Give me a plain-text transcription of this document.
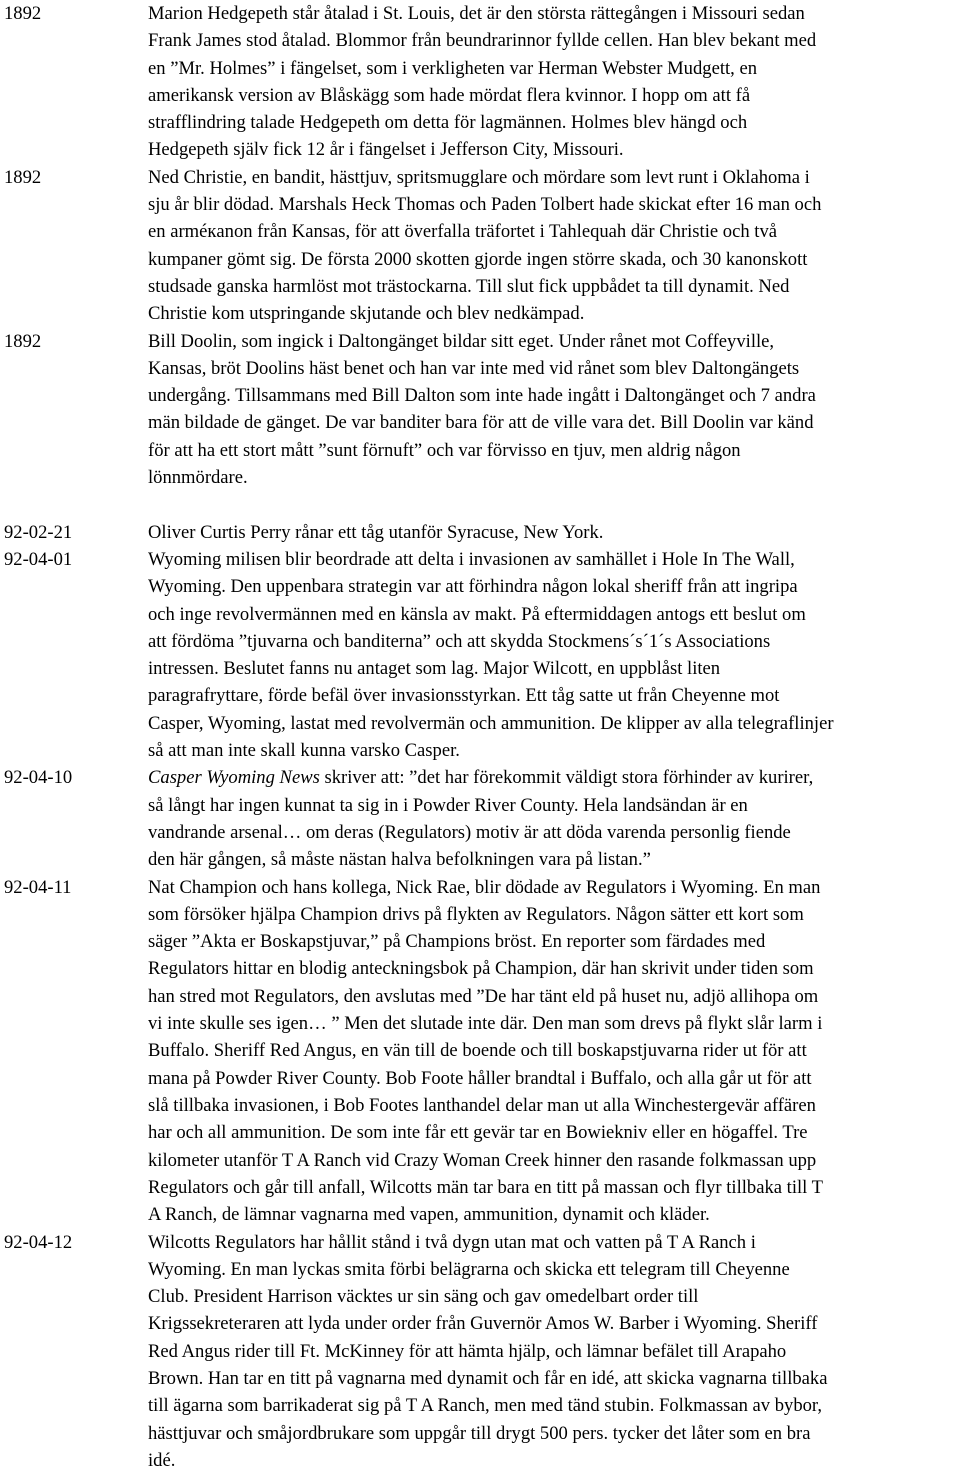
1892	Marion Hedgepeth står åtalad i St. Louis, det är den största rättegången i Missouri sedan
Frank James stod åtalad. Blommor från beundrarinnor fyllde cellen. Han blev bekant med
en ”Mr. Holmes” i fängelset, som i verkligheten var Herman Webster Mudgett, en
amerikansk version av Blåskägg som hade mördat flera kvinnor. I hopp om att få
strafflindring talade Hedgepeth om detta för lagmännen. Holmes blev hängd och
Hedgepeth själv fick 12 år i fängelset i Jefferson City, Missouri.
1892	Ned Christie, en bandit, hästtjuv, spritsmugglare och mördare som levt runt i Oklahoma i
sju år blir dödad. Marshals Heck Thomas och Paden Tolbert hade skickat efter 16 man och
en arméкanon från Kansas, för att överfalla träfortet i Tahlequah där Christie och två
kumpaner gömt sig. De första 2000 skotten gjorde ingen större skada, och 30 kanonskott
studsade ganska harmlöst mot trästockarna. Till slut fick uppbådet ta till dynamit. Ned
Christie kom utspringande skjutande och blev nedkämpad.
1892	Bill Doolin, som ingick i Daltongänget bildar sitt eget. Under rånet mot Coffeyville,
Kansas, bröt Doolins häst benet och han var inte med vid rånet som blev Daltongängets
undergång. Tillsammans med Bill Dalton som inte hade ingått i Daltongänget och 7 andra
män bildade de gänget. De var banditer bara för att de ville vara det. Bill Doolin var känd
för att ha ett stort mått ”sunt förnuft” och var förvisso en tjuv, men aldrig någon
lönnmördare.
92-02-21	Oliver Curtis Perry rånar ett tåg utanför Syracuse, New York.
92-04-01	Wyoming milisen blir beordrade att delta i invasionen av samhället i Hole In The Wall,
Wyoming. Den uppenbara strategin var att förhindra någon lokal sheriff från att ingripa
och inge revolvermännen med en känsla av makt. På eftermiddagen antogs ett beslut om
att fördöma ”tjuvarna och banditerna” och att skydda Stockmens´s´1´s Associations
intressen. Beslutet fanns nu antaget som lag. Major Wilcott, en uppblåst liten
paragrafryttare, förde befäl över invasionsstyrkan. Ett tåg satte ut från Cheyenne mot
Casper, Wyoming, lastat med revolvermän och ammunition. De klipper av alla telegraflinjer
så att man inte skall kunna varsko Casper.
92-04-10	Casper Wyoming News skriver att: ”det har förekommit väldigt stora förhinder av kurirer,
så långt har ingen kunnat ta sig in i Powder River County. Hela landsändan är en
vandrande arsenal… om deras (Regulators) motiv är att döda varenda personlig fiende
den här gången, så måste nästan halva befolkningen vara på listan.”
92-04-11	Nat Champion och hans kollega, Nick Rae, blir dödade av Regulators i Wyoming. En man
som försöker hjälpa Champion drivs på flykten av Regulators. Någon sätter ett kort som
säger ”Akta er Boskapstjuvar,” på Champions bröst. En reporter som färdades med
Regulators hittar en blodig anteckningsbok på Champion, där han skrivit under tiden som
han stred mot Regulators, den avslutas med ”De har tänt eld på huset nu, adjö allihopa om
vi inte skulle ses igen… ” Men det slutade inte där. Den man som drevs på flykt slår larm i
Buffalo. Sheriff Red Angus, en vän till de boende och till boskapstjuvarna rider ut för att
mana på Powder River County. Bob Foote håller brandtal i Buffalo, och alla går ut för att
slå tillbaka invasionen, i Bob Footes lanthandel delar man ut alla Winchestergevär affären
har och all ammunition. De som inte får ett gevär tar en Bowiekniv eller en högaffel. Tre
kilometer utanför T A Ranch vid Crazy Woman Creek hinner den rasande folkmassan upp
Regulators och går till anfall, Wilcotts män tar bara en titt på massan och flyr tillbaka till T
A Ranch, de lämnar vagnarna med vapen, ammunition, dynamit och kläder.
92-04-12	Wilcotts Regulators har hållit stånd i två dygn utan mat och vatten på T A Ranch i
Wyoming. En man lyckas smita förbi belägrarna och skicka ett telegram till Cheyenne
Club. President Harrison väcktes ur sin säng och gav omedelbart order till
Krigssekreteraren att lyda under order från Guvernör Amos W. Barber i Wyoming. Sheriff
Red Angus rider till Ft. McKinney för att hämta hjälp, och lämnar befälet till Arapaho
Brown. Han tar en titt på vagnarna med dynamit och får en idé, att skicka vagnarna tillbaka
till ägarna som barrikaderat sig på T A Ranch, men med tänd stubin. Folkmassan av bybor,
hästtjuvar och småjordbrukare som uppgår till drygt 500 pers. tycker det låter som en bra
idé.
